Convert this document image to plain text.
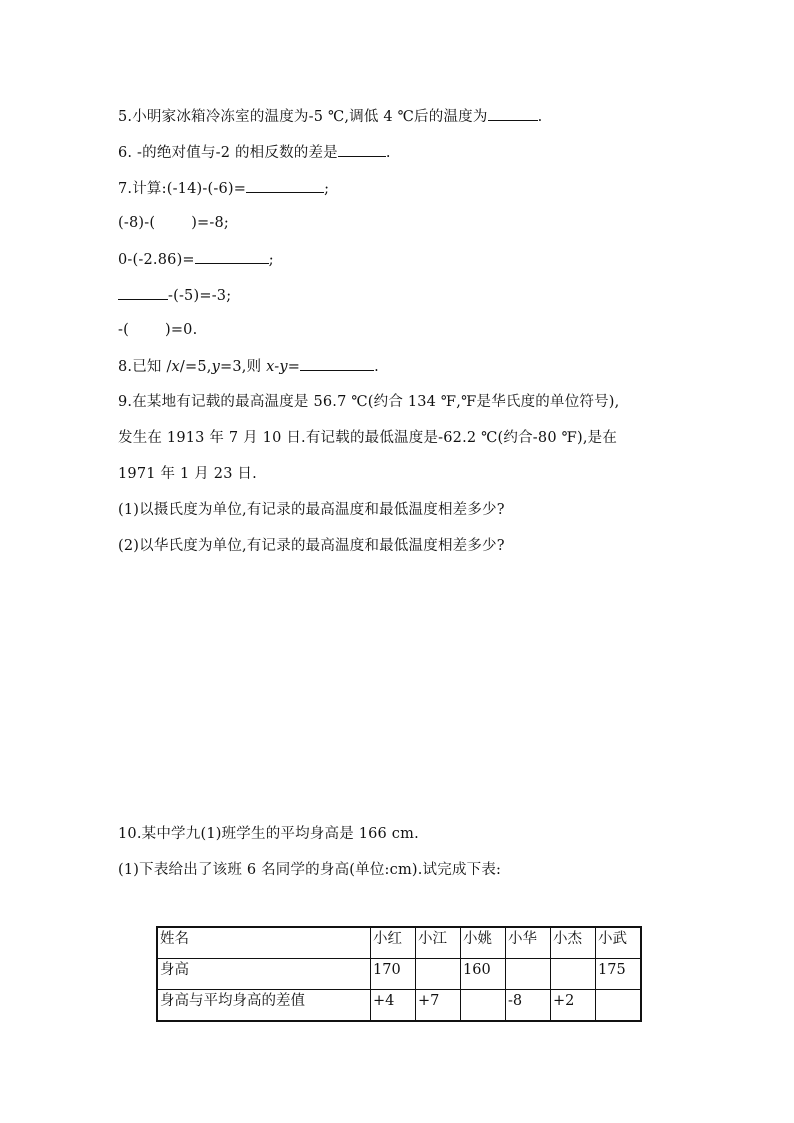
5.小明家冰箱冷冻室的温度为-5 ℃,调低 4 ℃后的温度为	.
6. -的绝对值与-2 的相反数的差是	.
7.计算:(-14)-(-6)=	;
(-8)-( )=-8;
0-(-2.86)=	;
-(-5)=-3;
-( )=0.
8.已知 /x/=5,y=3,则 x-y=	.
9.在某地有记载的最高温度是 56.7 ℃(约合 134 ℉,℉是华氏度的单位符号),
发生在 1913 年 7 月 10 日.有记载的最低温度是-62.2 ℃(约合-80 ℉),是在
1971 年 1 月 23 日.
(1)以摄氏度为单位,有记录的最高温度和最低温度相差多少?
(2)以华氏度为单位,有记录的最高温度和最低温度相差多少?
10.某中学九(1)班学生的平均身高是 166 cm.
(1)下表给出了该班 6 名同学的身高(单位:cm).试完成下表:
姓名	小红	小江	小姚	小华	小杰	小武
身高	170		160			175
身高与平均身高的差值	+4	+7		-8	+2	
